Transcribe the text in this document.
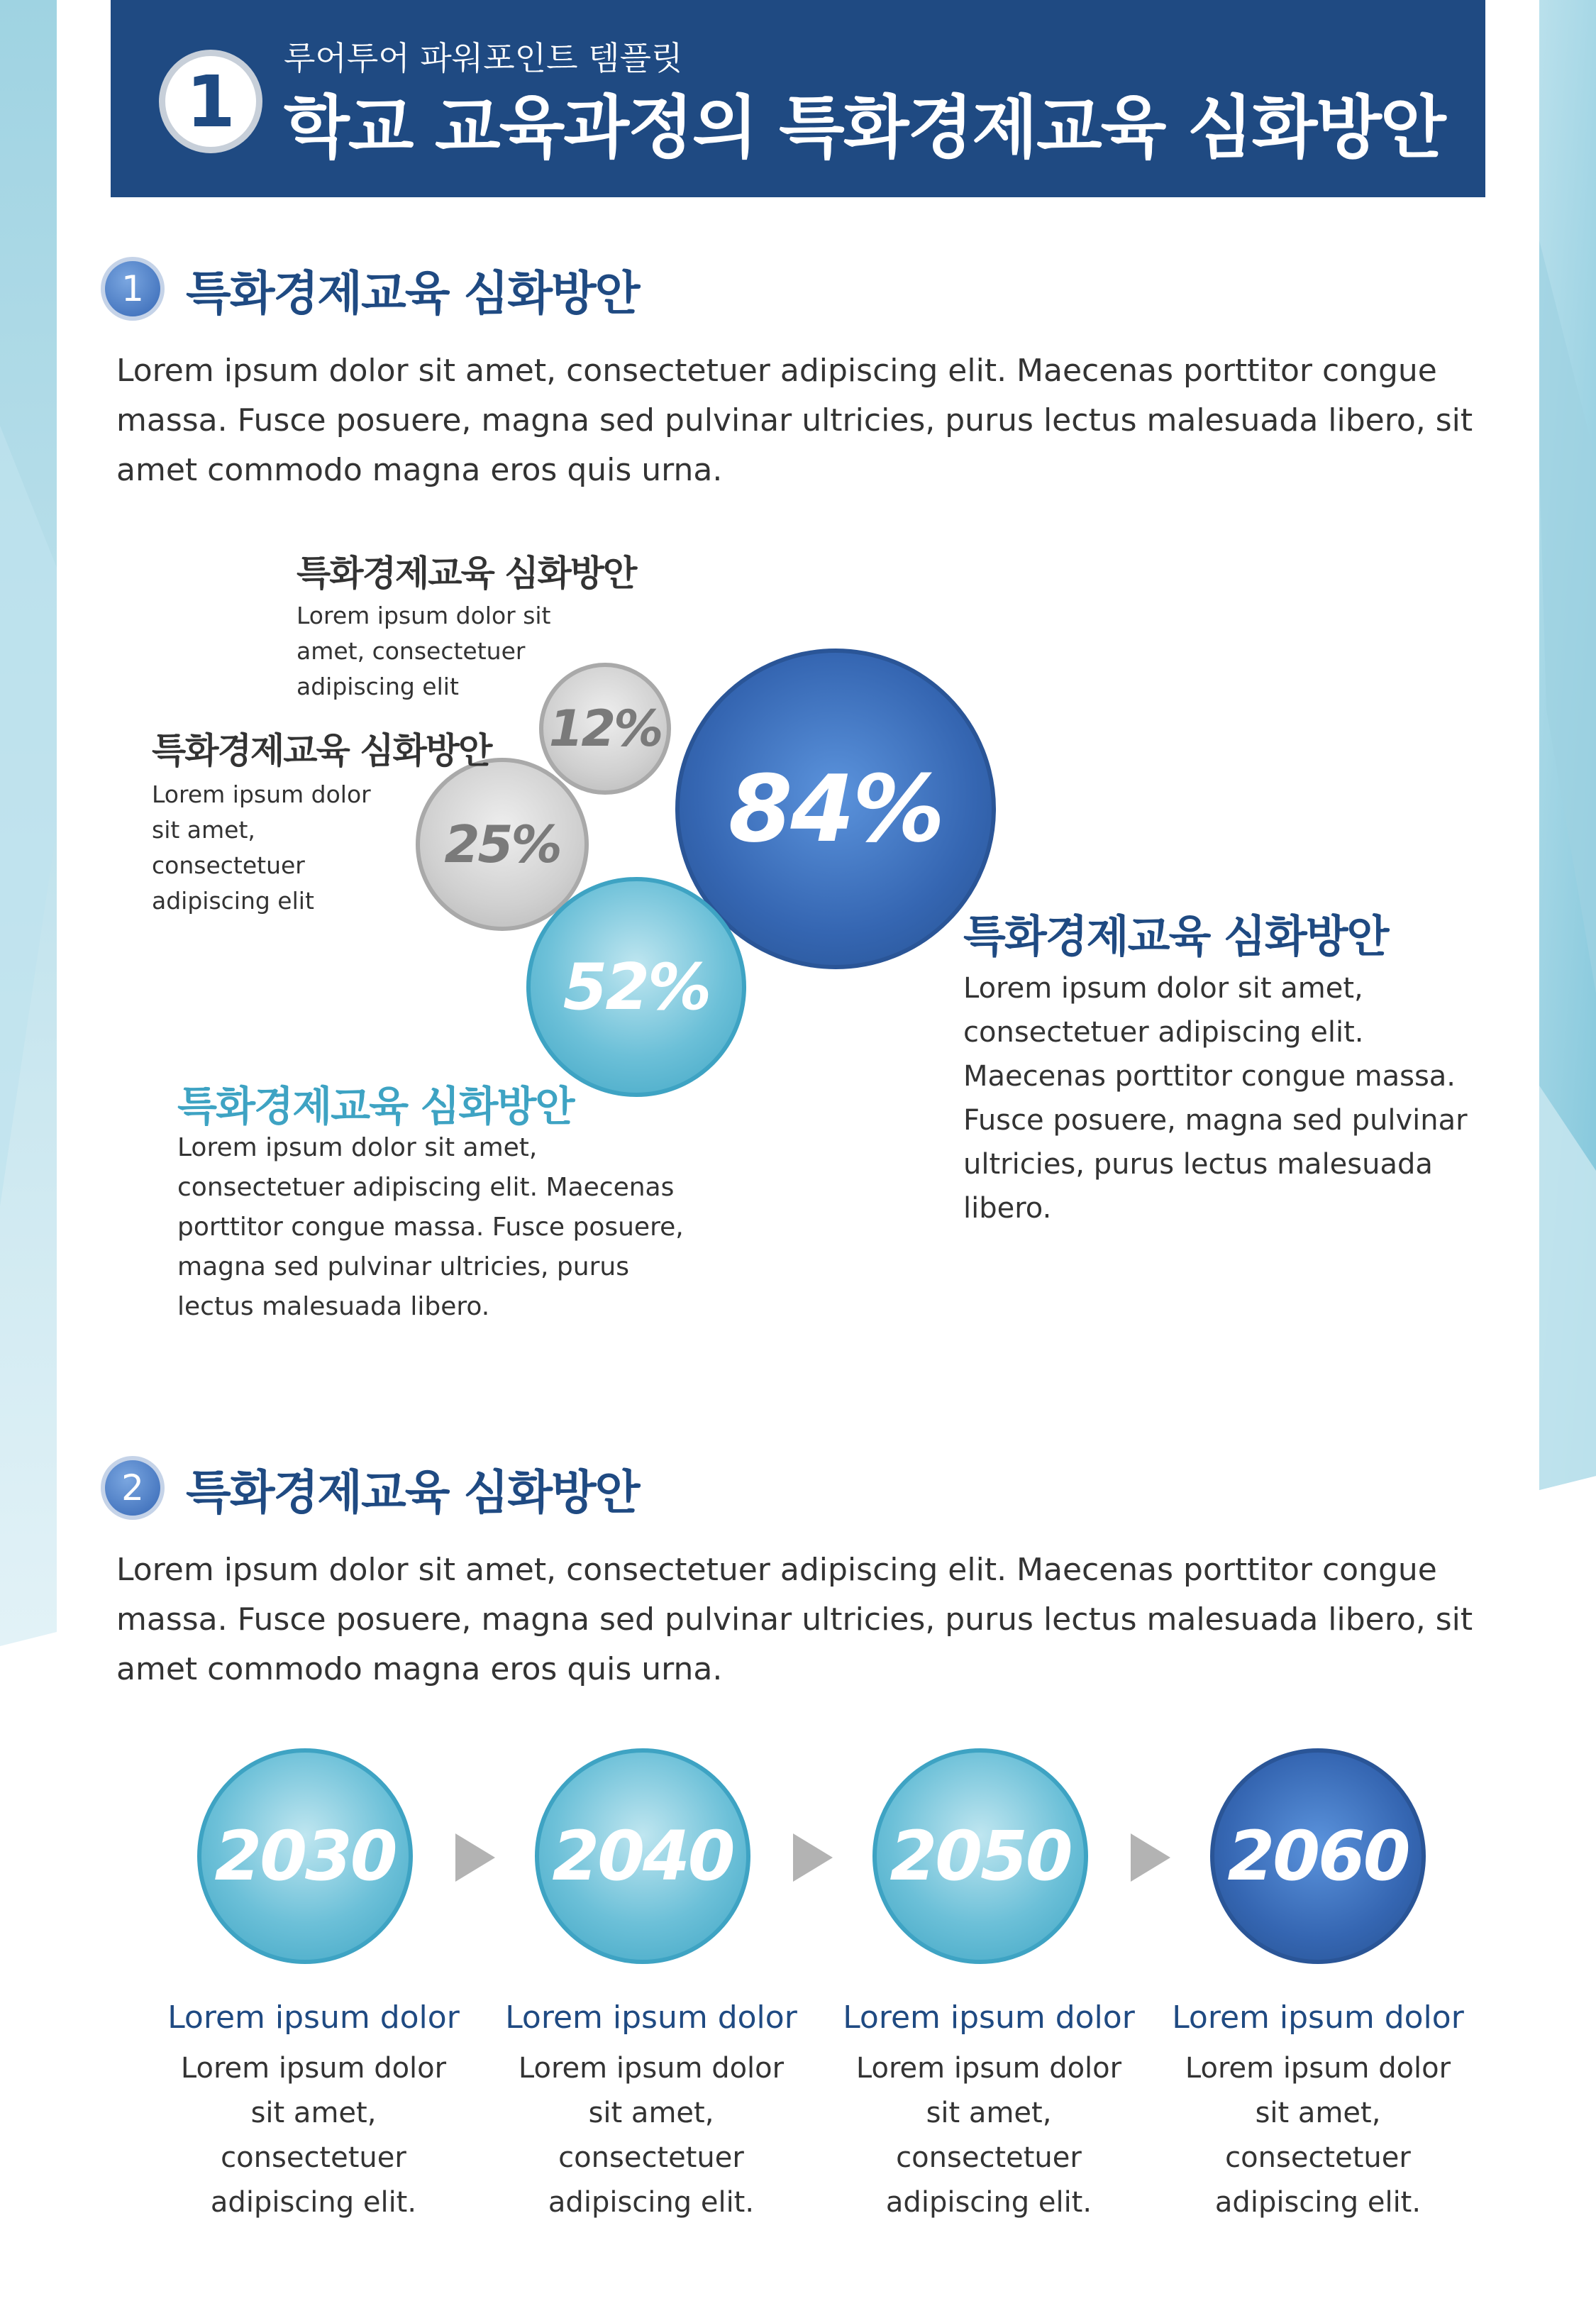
1
루어투어 파워포인트 템플릿
학교 교육과정의 특화경제교육 심화방안
1 특화경제교육 심화방안
Lorem ipsum dolor sit amet, consectetuer adipiscing elit. Maecenas porttitor congue massa. Fusce posuere, magna sed pulvinar ultricies, purus lectus malesuada libero, sit amet commodo magna eros quis urna.
12%
25%	84%
52%
특화경제교육 심화방안
Lorem ipsum dolor sit amet, consectetuer adipiscing elit
특화경제교육 심화방안
Lorem ipsum dolor sit amet, consectetuer adipiscing elit
특화경제교육 심화방안
Lorem ipsum dolor sit amet, consectetuer adipiscing elit. Maecenas porttitor congue massa. Fusce posuere, magna sed pulvinar ultricies, purus lectus malesuada libero.
특화경제교육 심화방안
Lorem ipsum dolor sit amet, consectetuer adipiscing elit. Maecenas porttitor congue massa. Fusce posuere, magna sed pulvinar ultricies, purus lectus malesuada libero.
2 특화경제교육 심화방안
Lorem ipsum dolor sit amet, consectetuer adipiscing elit. Maecenas porttitor congue massa. Fusce posuere, magna sed pulvinar ultricies, purus lectus malesuada libero, sit amet commodo magna eros quis urna.
2030 2040 2050 2060
Lorem ipsum dolor
Lorem ipsum dolor sit amet, consectetuer adipiscing elit.
Lorem ipsum dolor
Lorem ipsum dolor sit amet, consectetuer adipiscing elit.
Lorem ipsum dolor
Lorem ipsum dolor sit amet, consectetuer adipiscing elit.
Lorem ipsum dolor
Lorem ipsum dolor sit amet, consectetuer adipiscing elit.
